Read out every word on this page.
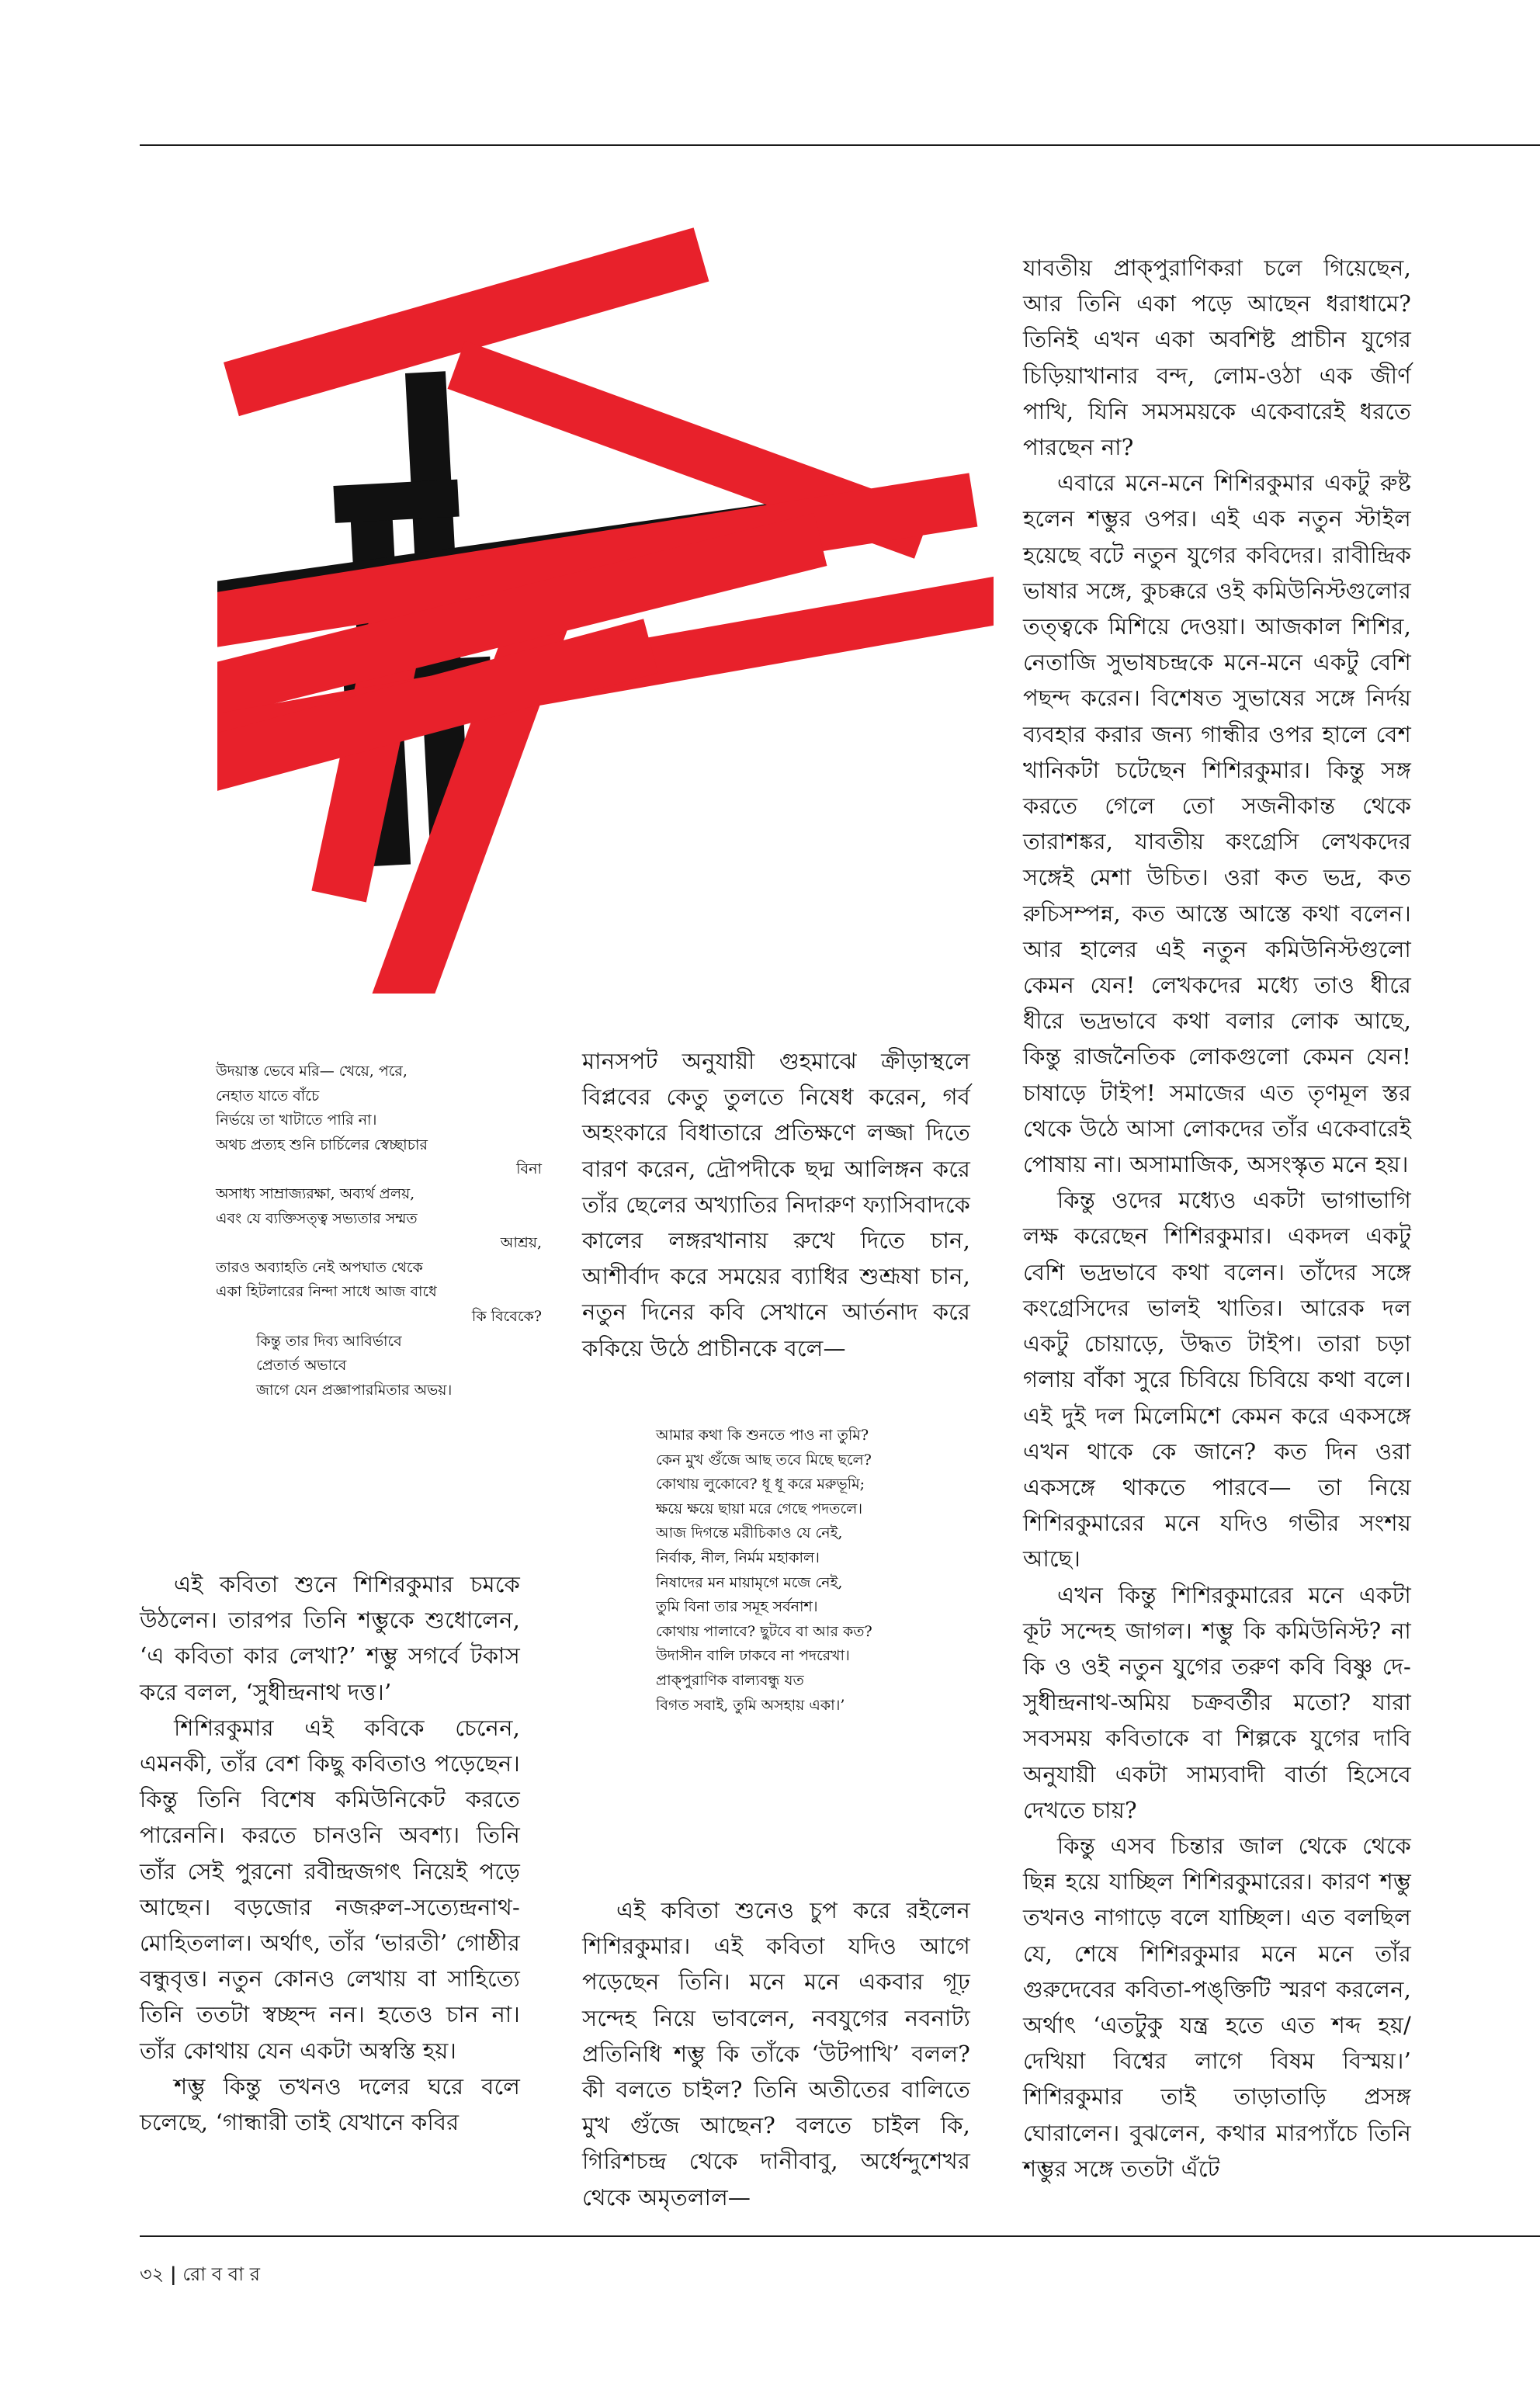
উদয়াস্ত ভেবে মরি— খেয়ে, পরে,
নেহাত যাতে বাঁচে
নির্ভয়ে তা খাটাতে পারি না।
অথচ প্রত্যহ শুনি চার্চিলের স্বেচ্ছাচার
বিনা
অসাধ্য সাম্রাজ্যরক্ষা, অব্যর্থ প্রলয়,
এবং যে ব্যক্তিসত্ত্ব সভ্যতার সম্মত
আশ্রয়,
তারও অব্যাহতি নেই অপঘাত থেকে
একা হিটলারের নিন্দা সাধে আজ বাধে
কি বিবেকে?
কিন্তু তার দিব্য আবির্ভাবে
প্রেতার্ত অভাবে
জাগে যেন প্রজ্ঞাপারমিতার অভয়।

এই কবিতা শুনে শিশিরকুমার চমকে উঠলেন। তারপর তিনি শম্ভুকে শুধোলেন, ‘এ কবিতা কার লেখা?’ শম্ভু সগর্বে টকাস করে বলল, ‘সুধীন্দ্রনাথ দত্ত।’

শিশিরকুমার এই কবিকে চেনেন, এমনকী, তাঁর বেশ কিছু কবিতাও পড়েছেন। কিন্তু তিনি বিশেষ কমিউনিকেট করতে পারেননি। করতে চানওনি অবশ্য। তিনি তাঁর সেই পুরনো রবীন্দ্রজগৎ নিয়েই পড়ে আছেন। বড়জোর নজরুল-সত্যেন্দ্রনাথ-মোহিতলাল। অর্থাৎ, তাঁর ‘ভারতী’ গোষ্ঠীর বন্ধুবৃত্ত। নতুন কোনও লেখায় বা সাহিত্যে তিনি ততটা স্বচ্ছন্দ নন। হতেও চান না। তাঁর কোথায় যেন একটা অস্বস্তি হয়।

শম্ভু কিন্তু তখনও দলের ঘরে বলে চলেছে, ‘গান্ধারী তাই যেখানে কবির

মানসপট অনুযায়ী গুহমাঝে ক্রীড়াস্থলে বিপ্লবের কেতু তুলতে নিষেধ করেন, গর্ব অহংকারে বিধাতারে প্রতিক্ষণে লজ্জা দিতে বারণ করেন, দ্রৌপদীকে ছদ্ম আলিঙ্গন করে তাঁর ছেলের অখ্যাতির নিদারুণ ফ্যাসিবাদকে কালের লঙ্গরখানায় রুখে দিতে চান, আশীর্বাদ করে সময়ের ব্যাধির শুশ্রূষা চান, নতুন দিনের কবি সেখানে আর্তনাদ করে ককিয়ে উঠে প্রাচীনকে বলে—

আমার কথা কি শুনতে পাও না তুমি?
কেন মুখ গুঁজে আছ তবে মিছে ছলে?
কোথায় লুকোবে? ধূ ধূ করে মরুভূমি;
ক্ষয়ে ক্ষয়ে ছায়া মরে গেছে পদতলে।
আজ দিগন্তে মরীচিকাও যে নেই,
নির্বাক, নীল, নির্মম মহাকাল।
নিষাদের মন মায়ামৃগে মজে নেই,
তুমি বিনা তার সমূহ সর্বনাশ।
কোথায় পালাবে? ছুটবে বা আর কত?
উদাসীন বালি ঢাকবে না পদরেখা।
প্রাক্‌পুরাণিক বাল্যবন্ধু যত
বিগত সবাই, তুমি অসহায় একা।’

এই কবিতা শুনেও চুপ করে রইলেন শিশিরকুমার। এই কবিতা যদিও আগে পড়েছেন তিনি। মনে মনে একবার গূঢ় সন্দেহ নিয়ে ভাবলেন, নবযুগের নবনাট্য প্রতিনিধি শম্ভু কি তাঁকে ‘উটপাখি’ বলল? কী বলতে চাইল? তিনি অতীতের বালিতে মুখ গুঁজে আছেন? বলতে চাইল কি, গিরিশচন্দ্র থেকে দানীবাবু, অর্ধেন্দুশেখর থেকে অমৃতলাল—

যাবতীয় প্রাক্‌পুরাণিকরা চলে গিয়েছেন, আর তিনি একা পড়ে আছেন ধরাধামে? তিনিই এখন একা অবশিষ্ট প্রাচীন যুগের চিড়িয়াখানার বন্দ, লোম-ওঠা এক জীর্ণ পাখি, যিনি সমসময়কে একেবারেই ধরতে পারছেন না?

এবারে মনে-মনে শিশিরকুমার একটু রুষ্ট হলেন শম্ভুর ওপর। এই এক নতুন স্টাইল হয়েছে বটে নতুন যুগের কবিদের। রাবীন্দ্রিক ভাষার সঙ্গে, কুচক্করে ওই কমিউনিস্টগুলোর তত্ত্বকে মিশিয়ে দেওয়া। আজকাল শিশির, নেতাজি সুভাষচন্দ্রকে মনে-মনে একটু বেশি পছন্দ করেন। বিশেষত সুভাষের সঙ্গে নির্দয় ব্যবহার করার জন্য গান্ধীর ওপর হালে বেশ খানিকটা চটেছেন শিশিরকুমার। কিন্তু সঙ্গ করতে গেলে তো সজনীকান্ত থেকে তারাশঙ্কর, যাবতীয় কংগ্রেসি লেখকদের সঙ্গেই মেশা উচিত। ওরা কত ভদ্র, কত রুচিসম্পন্ন, কত আস্তে আস্তে কথা বলেন। আর হালের এই নতুন কমিউনিস্টগুলো কেমন যেন! লেখকদের মধ্যে তাও ধীরে ধীরে ভদ্রভাবে কথা বলার লোক আছে, কিন্তু রাজনৈতিক লোকগুলো কেমন যেন! চাষাড়ে টাইপ! সমাজের এত তৃণমূল স্তর থেকে উঠে আসা লোকদের তাঁর একেবারেই পোষায় না। অসামাজিক, অসংস্কৃত মনে হয়।

কিন্তু ওদের মধ্যেও একটা ভাগাভাগি লক্ষ করেছেন শিশিরকুমার। একদল একটু বেশি ভদ্রভাবে কথা বলেন। তাঁদের সঙ্গে কংগ্রেসিদের ভালই খাতির। আরেক দল একটু চোয়াড়ে, উদ্ধত টাইপ। তারা চড়া গলায় বাঁকা সুরে চিবিয়ে চিবিয়ে কথা বলে। এই দুই দল মিলেমিশে কেমন করে একসঙ্গে এখন থাকে কে জানে? কত দিন ওরা একসঙ্গে থাকতে পারবে— তা নিয়ে শিশিরকুমারের মনে যদিও গভীর সংশয় আছে।

এখন কিন্তু শিশিরকুমারের মনে একটা কূট সন্দেহ জাগল। শম্ভু কি কমিউনিস্ট? না কি ও ওই নতুন যুগের তরুণ কবি বিষ্ণু দে-সুধীন্দ্রনাথ-অমিয় চক্রবর্তীর মতো? যারা সবসময় কবিতাকে বা শিল্পকে যুগের দাবি অনুযায়ী একটা সাম্যবাদী বার্তা হিসেবে দেখতে চায়?

কিন্তু এসব চিন্তার জাল থেকে থেকে ছিন্ন হয়ে যাচ্ছিল শিশিরকুমারের। কারণ শম্ভু তখনও নাগাড়ে বলে যাচ্ছিল। এত বলছিল যে, শেষে শিশিরকুমার মনে মনে তাঁর গুরুদেবের কবিতা-পঙ্‌ক্তিটি স্মরণ করলেন, অর্থাৎ ‘এতটুকু যন্ত্র হতে এত শব্দ হয়/ দেখিয়া বিশ্বের লাগে বিষম বিস্ময়।’ শিশিরকুমার তাই তাড়াতাড়ি প্রসঙ্গ ঘোরালেন। বুঝলেন, কথার মারপ্যাঁচে তিনি শম্ভুর সঙ্গে ততটা এঁটে

৩২ | রো ব বা র
